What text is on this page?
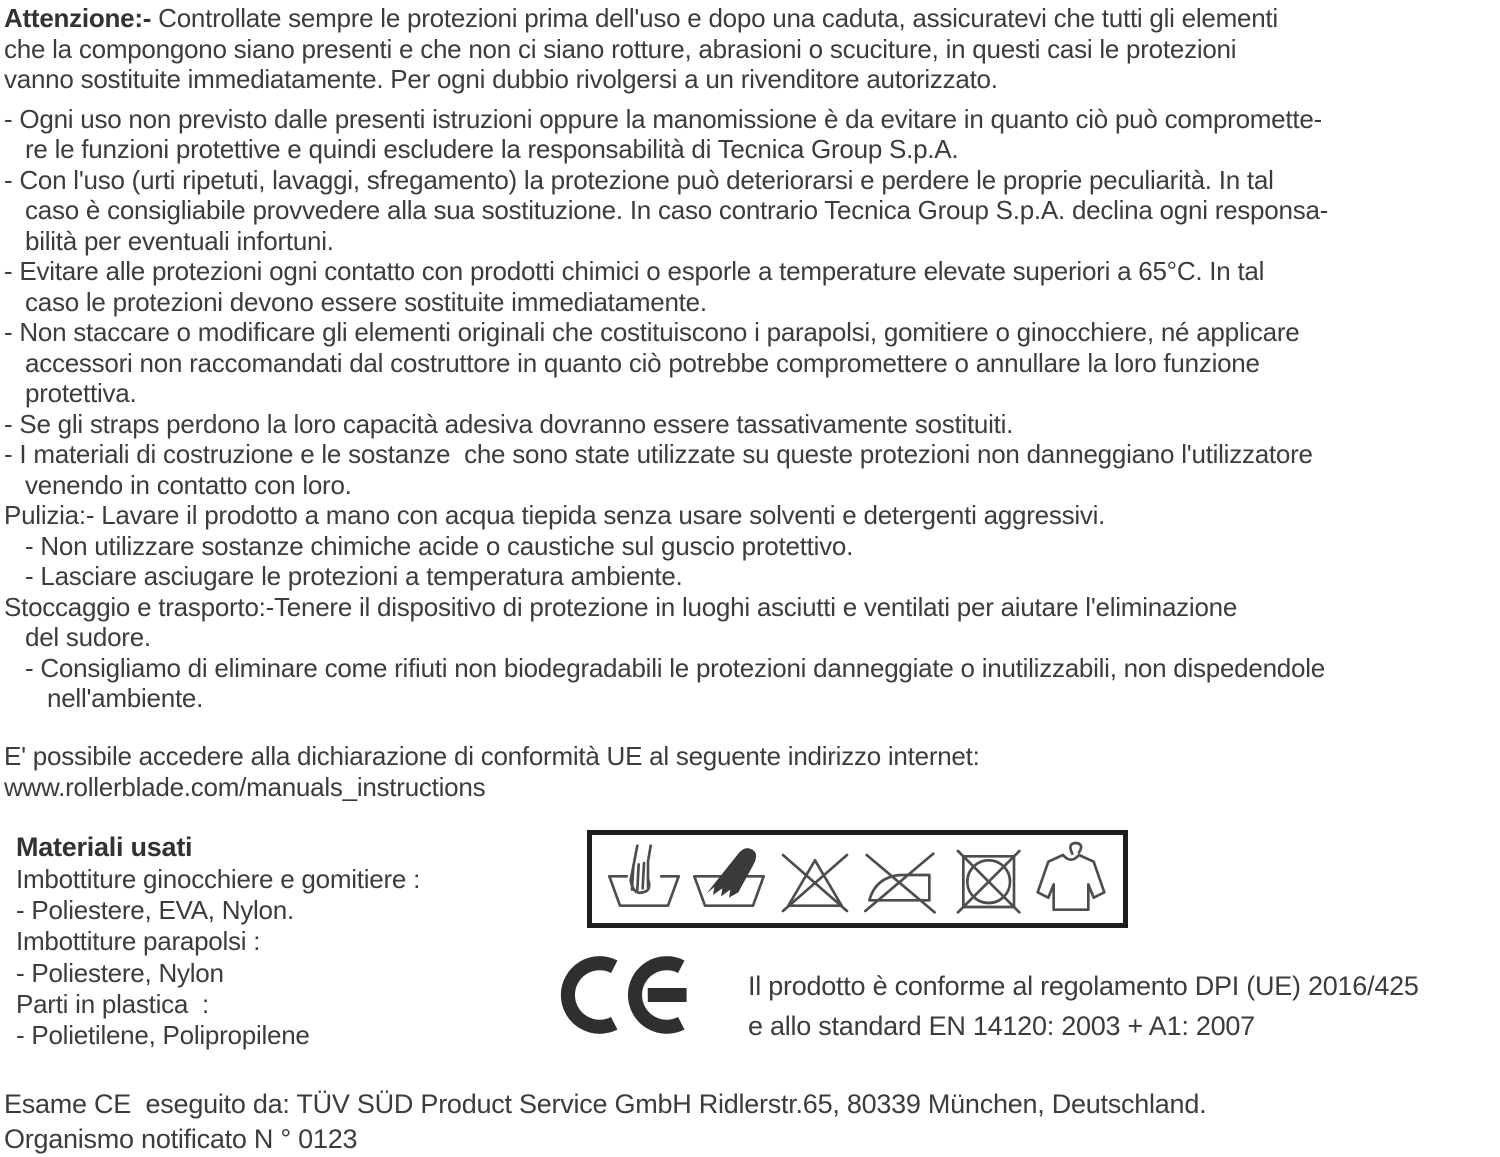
Attenzione:- Controllate sempre le protezioni prima dell'uso e dopo una caduta, assicuratevi che tutti gli elementi
che la compongono siano presenti e che non ci siano rotture, abrasioni o scuciture, in questi casi le protezioni
vanno sostituite immediatamente. Per ogni dubbio rivolgersi a un rivenditore autorizzato.
- Ogni uso non previsto dalle presenti istruzioni oppure la manomissione è da evitare in quanto ciò può compromette-
re le funzioni protettive e quindi escludere la responsabilità di Tecnica Group S.p.A.
- Con l'uso (urti ripetuti, lavaggi, sfregamento) la protezione può deteriorarsi e perdere le proprie peculiarità. In tal
caso è consigliabile provvedere alla sua sostituzione. In caso contrario Tecnica Group S.p.A. declina ogni responsa-
bilità per eventuali infortuni.
- Evitare alle protezioni ogni contatto con prodotti chimici o esporle a temperature elevate superiori a 65°C. In tal
caso le protezioni devono essere sostituite immediatamente.
- Non staccare o modificare gli elementi originali che costituiscono i parapolsi, gomitiere o ginocchiere, né applicare
accessori non raccomandati dal costruttore in quanto ciò potrebbe compromettere o annullare la loro funzione
protettiva.
- Se gli straps perdono la loro capacità adesiva dovranno essere tassativamente sostituiti.
- I materiali di costruzione e le sostanze  che sono state utilizzate su queste protezioni non danneggiano l'utilizzatore
venendo in contatto con loro.
Pulizia:- Lavare il prodotto a mano con acqua tiepida senza usare solventi e detergenti aggressivi.
- Non utilizzare sostanze chimiche acide o caustiche sul guscio protettivo.
- Lasciare asciugare le protezioni a temperatura ambiente.
Stoccaggio e trasporto:-Tenere il dispositivo di protezione in luoghi asciutti e ventilati per aiutare l'eliminazione
del sudore.
- Consigliamo di eliminare come rifiuti non biodegradabili le protezioni danneggiate o inutilizzabili, non dispedendole
nell'ambiente.
E' possibile accedere alla dichiarazione di conformità UE al seguente indirizzo internet:
www.rollerblade.com/manuals_instructions
Materiali usati
Imbottiture ginocchiere e gomitiere :
- Poliestere, EVA, Nylon.
Imbottiture parapolsi :
- Poliestere, Nylon
Parti in plastica  :
- Polietilene, Polipropilene
Il prodotto è conforme al regolamento DPI (UE) 2016/425
e allo standard EN 14120: 2003 + A1: 2007
Esame CE  eseguito da: TÜV SÜD Product Service GmbH Ridlerstr.65, 80339 München, Deutschland.
Organismo notificato N ° 0123
